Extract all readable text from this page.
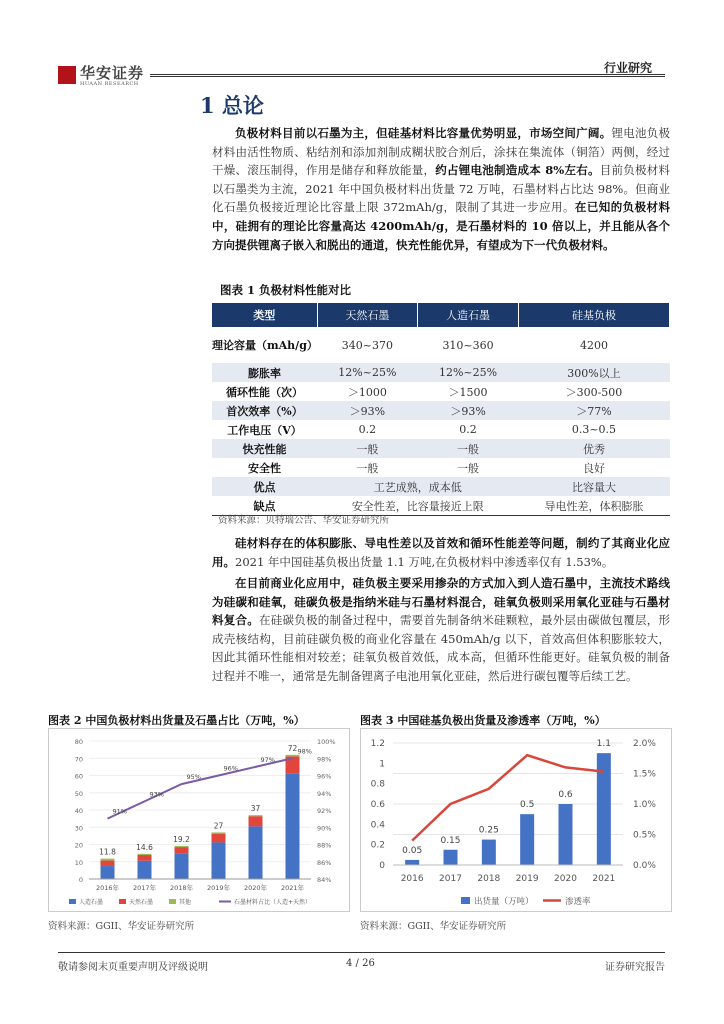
华安证券
HUAAN RESEARCH
行业研究
1 总论
负极材料目前以石墨为主，但硅基材料比容量优势明显，市场空间广阔。锂电池负极材料由活性物质、粘结剂和添加剂制成糊状胶合剂后，涂抹在集流体（铜箔）两侧，经过干燥、滚压制得，作用是储存和释放能量，约占锂电池制造成本 8%左右。目前负极材料以石墨类为主流，2021 年中国负极材料出货量 72 万吨，石墨材料占比达 98%。但商业化石墨负极接近理论比容量上限 372mAh/g，限制了其进一步应用。在已知的负极材料中，硅拥有的理论比容量高达 4200mAh/g，是石墨材料的 10 倍以上，并且能从各个方向提供锂离子嵌入和脱出的通道，快充性能优异，有望成为下一代负极材料。
图表 1 负极材料性能对比
类型	天然石墨	人造石墨	硅基负极
理论容量（mAh/g）	340~370	310~360	4200
膨胀率	12%~25%	12%~25%	300%以上
循环性能（次）	＞1000	＞1500	＞300-500
首次效率（%）	＞93%	＞93%	＞77%
工作电压（V）	0.2	0.2	0.3~0.5
快充性能	一般	一般	优秀
安全性	一般	一般	良好
优点	工艺成熟，成本低		比容量大
缺点	安全性差，比容量接近上限		导电性差，体积膨胀
资料来源：贝特瑞公告、华安证券研究所
硅材料存在的体积膨胀、导电性差以及首效和循环性能差等问题，制约了其商业化应用。2021 年中国硅基负极出货量 1.1 万吨,在负极材料中渗透率仅有 1.53%。
在目前商业化应用中，硅负极主要采用掺杂的方式加入到人造石墨中，主流技术路线为硅碳和硅氧，硅碳负极是指纳米硅与石墨材料混合，硅氧负极则采用氧化亚硅与石墨材料复合。在硅碳负极的制备过程中，需要首先制备纳米硅颗粒，最外层由碳做包覆层，形成壳核结构，目前硅碳负极的商业化容量在 450mAh/g 以下，首效高但体积膨胀较大，因此其循环性能相对较差；硅氧负极首效低，成本高，但循环性能更好。硅氧负极的制备过程并不唯一，通常是先制备锂离子电池用氧化亚硅，然后进行碳包覆等后续工艺。
图表 2 中国负极材料出货量及石墨占比（万吨，%）	图表 3 中国硅基负极出货量及渗透率（万吨，%）
11.8
14.6
19.2
27
37
72
91%
93%
95%
96%
97%
98%
0
10
20
30
40
50
60
70
80
84%
86%
88%
90%
92%
94%
96%
98%
100%
2016年 2017年 2018年 2019年 2020年 2021年
人造石墨	天然石墨	其他	石墨材料占比（人造+天然）
0.05
0.15
0.25
0.5
0.6
1.1
0
0.2
0.4
0.6
0.8
1
1.2
0.0%
0.5%
1.0%
1.5%
2.0%
2016 2017 2018 2019 2020 2021
出货量（万吨）	渗透率
资料来源：GGII、华安证券研究所	资料来源：GGII、华安证券研究所
敬请参阅末页重要声明及评级说明	4 / 26	证券研究报告
